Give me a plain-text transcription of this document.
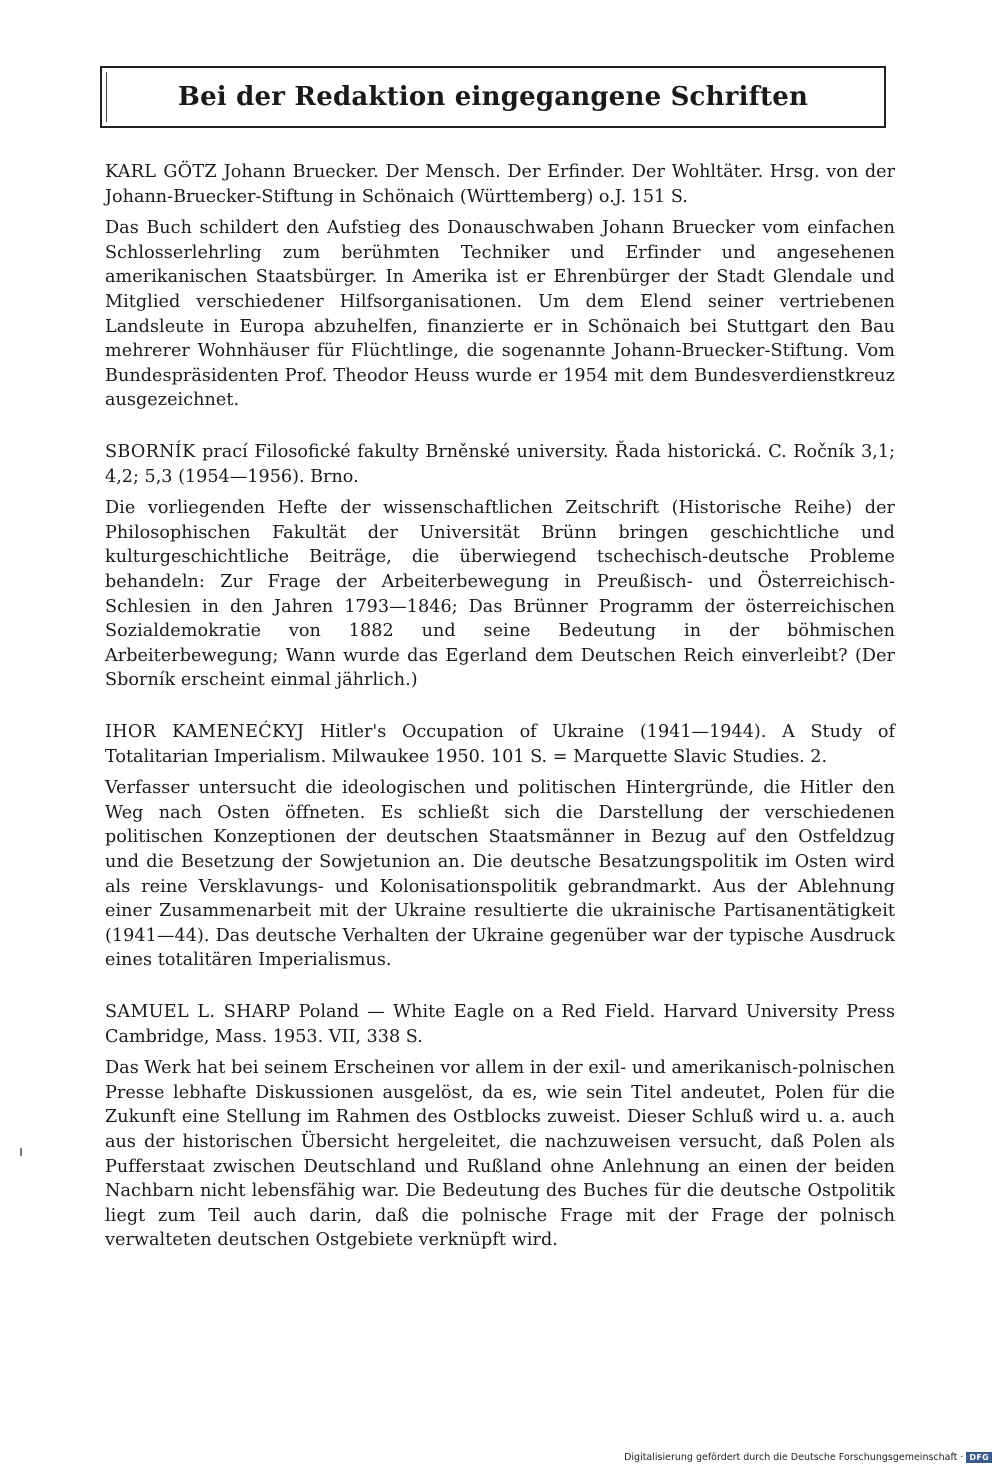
Bei der Redaktion eingegangene Schriften

KARL GÖTZ Johann Bruecker. Der Mensch. Der Erfinder. Der Wohltäter. Hrsg. von der Johann-Bruecker-Stiftung in Schönaich (Württemberg) o.J. 151 S.

Das Buch schildert den Aufstieg des Donauschwaben Johann Bruecker vom einfachen Schlosserlehrling zum berühmten Techniker und Erfinder und angesehenen amerikanischen Staatsbürger. In Amerika ist er Ehrenbürger der Stadt Glendale und Mitglied verschiedener Hilfsorganisationen. Um dem Elend seiner vertriebenen Landsleute in Europa abzuhelfen, finanzierte er in Schönaich bei Stuttgart den Bau mehrerer Wohnhäuser für Flüchtlinge, die sogenannte Johann-Bruecker-Stiftung. Vom Bundespräsidenten Prof. Theodor Heuss wurde er 1954 mit dem Bundesverdienstkreuz ausgezeichnet.

SBORNÍK prací Filosofické fakulty Brněnské university. Řada historická. C. Ročník 3,1; 4,2; 5,3 (1954—1956). Brno.

Die vorliegenden Hefte der wissenschaftlichen Zeitschrift (Historische Reihe) der Philosophischen Fakultät der Universität Brünn bringen geschichtliche und kulturgeschichtliche Beiträge, die überwiegend tschechisch-deutsche Probleme behandeln: Zur Frage der Arbeiterbewegung in Preußisch- und Österreichisch-Schlesien in den Jahren 1793—1846; Das Brünner Programm der österreichischen Sozialdemokratie von 1882 und seine Bedeutung in der böhmischen Arbeiterbewegung; Wann wurde das Egerland dem Deutschen Reich einverleibt? (Der Sborník erscheint einmal jährlich.)

IHOR KAMENEĆKYJ Hitler's Occupation of Ukraine (1941—1944). A Study of Totalitarian Imperialism. Milwaukee 1950. 101 S. = Marquette Slavic Studies. 2.

Verfasser untersucht die ideologischen und politischen Hintergründe, die Hitler den Weg nach Osten öffneten. Es schließt sich die Darstellung der verschiedenen politischen Konzeptionen der deutschen Staatsmänner in Bezug auf den Ostfeldzug und die Besetzung der Sowjetunion an. Die deutsche Besatzungspolitik im Osten wird als reine Versklavungs- und Kolonisationspolitik gebrandmarkt. Aus der Ablehnung einer Zusammenarbeit mit der Ukraine resultierte die ukrainische Partisanentätigkeit (1941—44). Das deutsche Verhalten der Ukraine gegenüber war der typische Ausdruck eines totalitären Imperialismus.

SAMUEL L. SHARP Poland — White Eagle on a Red Field. Harvard University Press Cambridge, Mass. 1953. VII, 338 S.

Das Werk hat bei seinem Erscheinen vor allem in der exil- und amerikanisch-polnischen Presse lebhafte Diskussionen ausgelöst, da es, wie sein Titel andeutet, Polen für die Zukunft eine Stellung im Rahmen des Ostblocks zuweist. Dieser Schluß wird u. a. auch aus der historischen Übersicht hergeleitet, die nachzuweisen versucht, daß Polen als Pufferstaat zwischen Deutschland und Rußland ohne Anlehnung an einen der beiden Nachbarn nicht lebensfähig war. Die Bedeutung des Buches für die deutsche Ostpolitik liegt zum Teil auch darin, daß die polnische Frage mit der Frage der polnisch verwalteten deutschen Ostgebiete verknüpft wird.

Digitalisierung gefördert durch die Deutsche Forschungsgemeinschaft · DFG
